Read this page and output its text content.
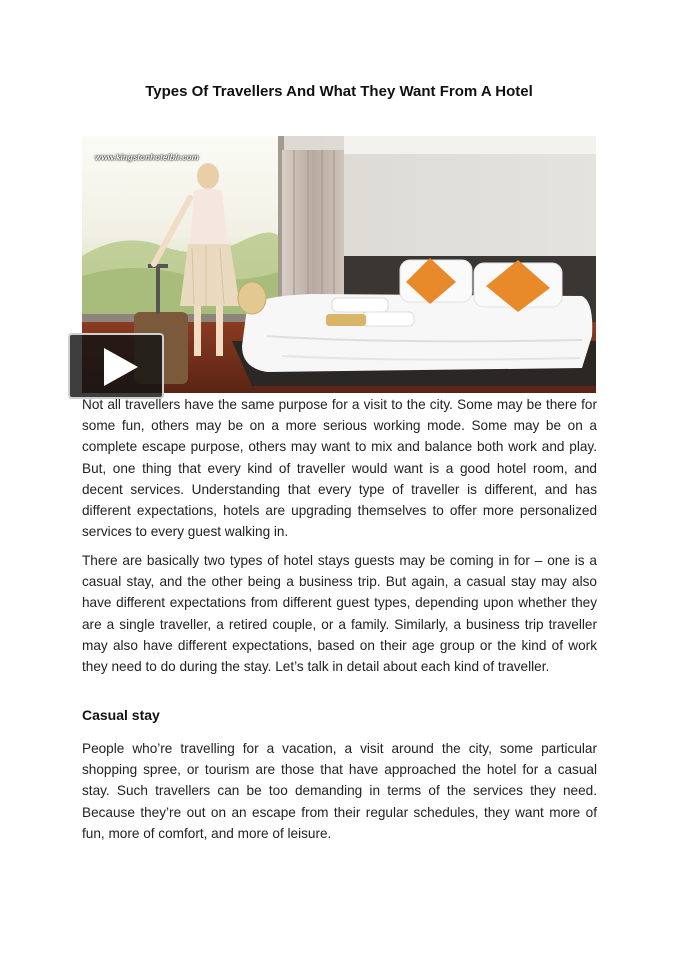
Types Of Travellers And What They Want From A Hotel
www.kingstonhotelblr.com

Not all travellers have the same purpose for a visit to the city. Some may be there for some fun, others may be on a more serious working mode. Some may be on a complete escape purpose, others may want to mix and balance both work and play. But, one thing that every kind of traveller would want is a good hotel room, and decent services. Understanding that every type of traveller is different, and has different expectations, hotels are upgrading themselves to offer more personalized services to every guest walking in.

There are basically two types of hotel stays guests may be coming in for – one is a casual stay, and the other being a business trip. But again, a casual stay may also have different expectations from different guest types, depending upon whether they are a single traveller, a retired couple, or a family. Similarly, a business trip traveller may also have different expectations, based on their age group or the kind of work they need to do during the stay. Let’s talk in detail about each kind of traveller.

Casual stay

People who’re travelling for a vacation, a visit around the city, some particular shopping spree, or tourism are those that have approached the hotel for a casual stay. Such travellers can be too demanding in terms of the services they need. Because they’re out on an escape from their regular schedules, they want more of fun, more of comfort, and more of leisure.
